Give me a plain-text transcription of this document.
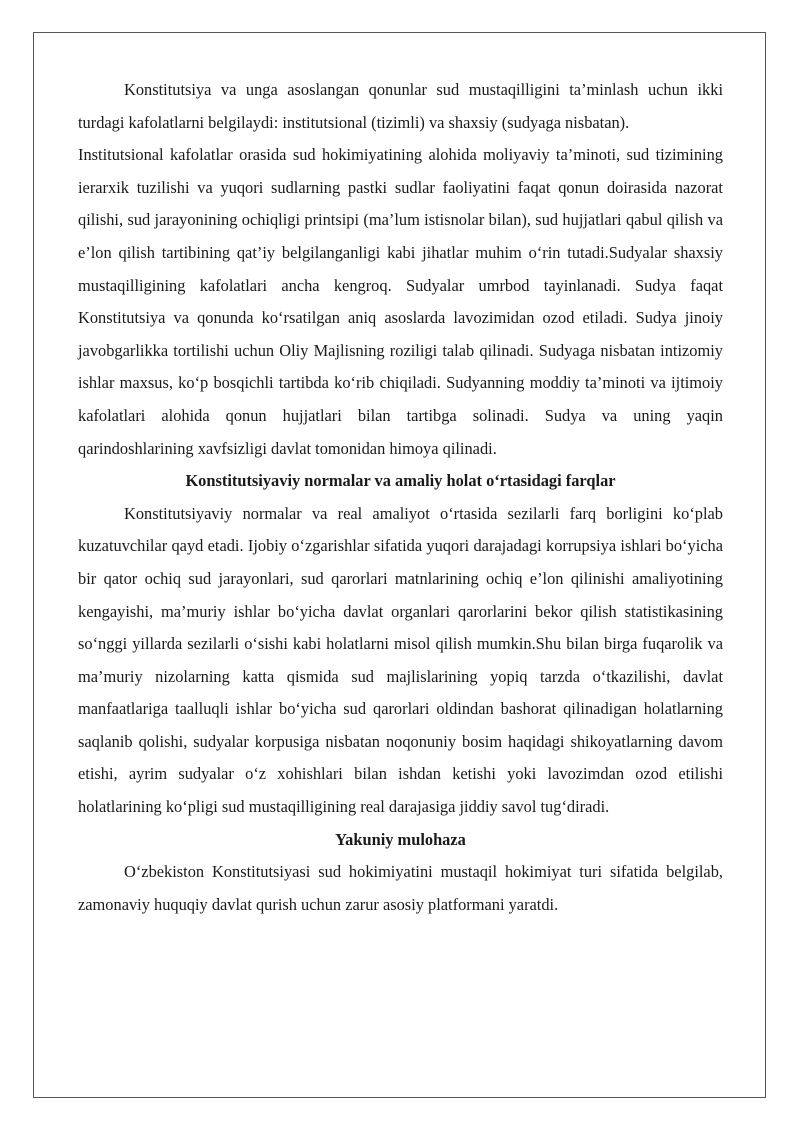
Konstitutsiya va unga asoslangan qonunlar sud mustaqilligini ta’minlash uchun ikki turdagi kafolatlarni belgilaydi: institutsional (tizimli) va shaxsiy (sudyaga nisbatan).

Institutsional kafolatlar orasida sud hokimiyatining alohida moliyaviy ta’minoti, sud tizimining ierarxik tuzilishi va yuqori sudlarning pastki sudlar faoliyatini faqat qonun doirasida nazorat qilishi, sud jarayonining ochiqligi printsipi (ma’lum istisnolar bilan), sud hujjatlari qabul qilish va e’lon qilish tartibining qat’iy belgilanganligi kabi jihatlar muhim o‘rin tutadi.Sudyalar shaxsiy mustaqilligining kafolatlari ancha kengroq. Sudyalar umrbod tayinlanadi. Sudya faqat Konstitutsiya va qonunda ko‘rsatilgan aniq asoslarda lavozimidan ozod etiladi. Sudya jinoiy javobgarlikka tortilishi uchun Oliy Majlisning roziligi talab qilinadi. Sudyaga nisbatan intizomiy ishlar maxsus, ko‘p bosqichli tartibda ko‘rib chiqiladi. Sudyanning moddiy ta’minoti va ijtimoiy kafolatlari alohida qonun hujjatlari bilan tartibga solinadi. Sudya va uning yaqin qarindoshlarining xavfsizligi davlat tomonidan himoya qilinadi.

Konstitutsiyaviy normalar va amaliy holat o‘rtasidagi farqlar

Konstitutsiyaviy normalar va real amaliyot o‘rtasida sezilarli farq borligini ko‘plab kuzatuvchilar qayd etadi. Ijobiy o‘zgarishlar sifatida yuqori darajadagi korrupsiya ishlari bo‘yicha bir qator ochiq sud jarayonlari, sud qarorlari matnlarining ochiq e’lon qilinishi amaliyotining kengayishi, ma’muriy ishlar bo‘yicha davlat organlari qarorlarini bekor qilish statistikasining so‘nggi yillarda sezilarli o‘sishi kabi holatlarni misol qilish mumkin.Shu bilan birga fuqarolik va ma’muriy nizolarning katta qismida sud majlislarining yopiq tarzda o‘tkazilishi, davlat manfaatlariga taalluqli ishlar bo‘yicha sud qarorlari oldindan bashorat qilinadigan holatlarning saqlanib qolishi, sudyalar korpusiga nisbatan noqonuniy bosim haqidagi shikoyatlarning davom etishi, ayrim sudyalar o‘z xohishlari bilan ishdan ketishi yoki lavozimdan ozod etilishi holatlarining ko‘pligi sud mustaqilligining real darajasiga jiddiy savol tug‘diradi.

Yakuniy mulohaza

O‘zbekiston Konstitutsiyasi sud hokimiyatini mustaqil hokimiyat turi sifatida belgilab, zamonaviy huquqiy davlat qurish uchun zarur asosiy platformani yaratdi.
